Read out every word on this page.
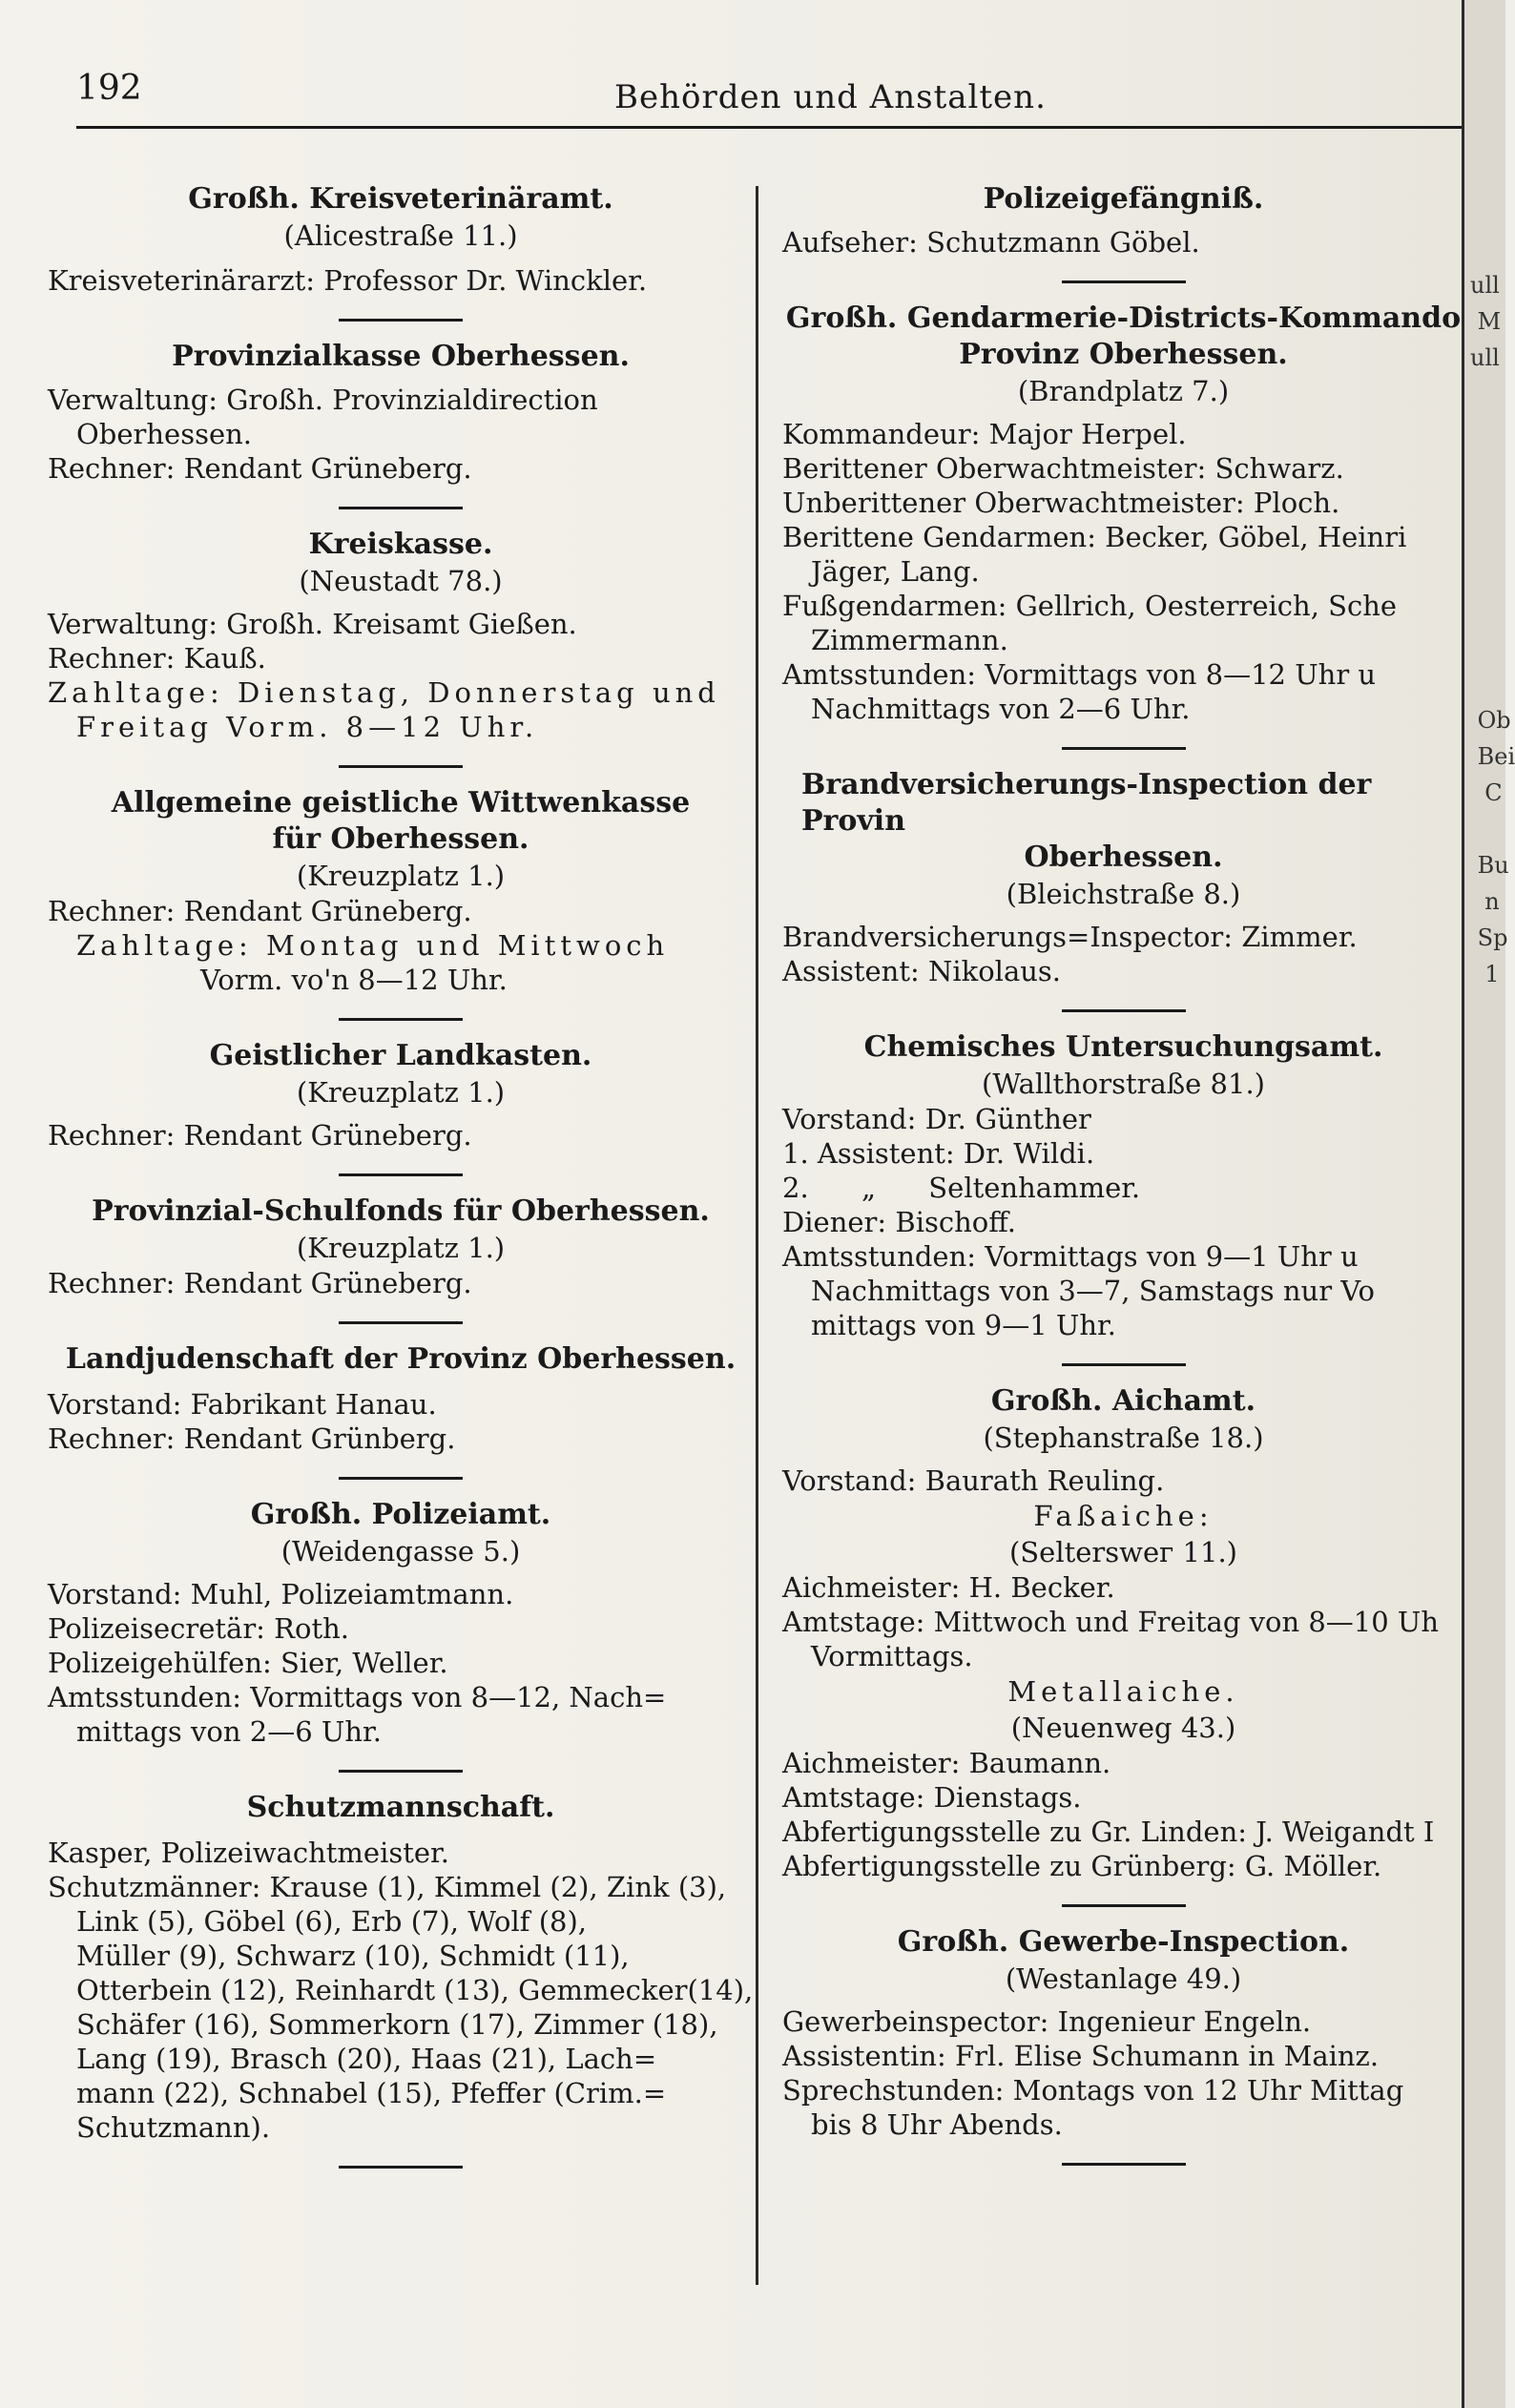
192	Behörden und Anstalten.
Großh. Kreisveterinäramt.
(Alicestraße 11.)
Kreisveterinärarzt: Professor Dr. Winckler.
Provinzialkasse Oberhessen.
Verwaltung: Großh. Provinzialdirection
Oberhessen.
Rechner: Rendant Grüneberg.
Kreiskasse.
(Neustadt 78.)
Verwaltung: Großh. Kreisamt Gießen.
Rechner: Kauß.
Zahltage: Dienstag, Donnerstag und
Freitag Vorm. 8—12 Uhr.
Allgemeine geistliche Wittwenkasse
für Oberhessen.
(Kreuzplatz 1.)
Rechner: Rendant Grüneberg.
Zahltage: Montag und Mittwoch
Vorm. vo'n 8—12 Uhr.
Geistlicher Landkasten.
(Kreuzplatz 1.)
Rechner: Rendant Grüneberg.
Provinzial-Schulfonds für Oberhessen.
(Kreuzplatz 1.)
Rechner: Rendant Grüneberg.
Landjudenschaft der Provinz Oberhessen.
Vorstand: Fabrikant Hanau.
Rechner: Rendant Grünberg.
Großh. Polizeiamt.
(Weidengasse 5.)
Vorstand: Muhl, Polizeiamtmann.
Polizeisecretär: Roth.
Polizeigehülfen: Sier, Weller.
Amtsstunden: Vormittags von 8—12, Nach=
mittags von 2—6 Uhr.
Schutzmannschaft.
Kasper, Polizeiwachtmeister.
Schutzmänner: Krause (1), Kimmel (2), Zink (3),
Link (5), Göbel (6), Erb (7), Wolf (8),
Müller (9), Schwarz (10), Schmidt (11),
Otterbein (12), Reinhardt (13), Gemmecker(14),
Schäfer (16), Sommerkorn (17), Zimmer (18),
Lang (19), Brasch (20), Haas (21), Lach=
mann (22), Schnabel (15), Pfeffer (Crim.=
Schutzmann).
Polizeigefängniß.
Aufseher: Schutzmann Göbel.
Großh. Gendarmerie-Districts-Kommando
Provinz Oberhessen.
(Brandplatz 7.)
Kommandeur: Major Herpel.
Berittener Oberwachtmeister: Schwarz.
Unberittener Oberwachtmeister: Ploch.
Berittene Gendarmen: Becker, Göbel, Heinri
Jäger, Lang.
Fußgendarmen: Gellrich, Oesterreich, Sche
Zimmermann.
Amtsstunden: Vormittags von 8—12 Uhr u
Nachmittags von 2—6 Uhr.
Brandversicherungs-Inspection der Provin
Oberhessen.
(Bleichstraße 8.)
Brandversicherungs=Inspector: Zimmer.
Assistent: Nikolaus.
Chemisches Untersuchungsamt.
(Wallthorstraße 81.)
Vorstand: Dr. Günther
1. Assistent: Dr. Wildi.
2.      „      Seltenhammer.
Diener: Bischoff.
Amtsstunden: Vormittags von 9—1 Uhr u
Nachmittags von 3—7, Samstags nur Vo
mittags von 9—1 Uhr.
Großh. Aichamt.
(Stephanstraße 18.)
Vorstand: Baurath Reuling.
Faßaiche:
(Selterswег 11.)
Aichmeister: H. Becker.
Amtstage: Mittwoch und Freitag von 8—10 Uh
Vormittags.
Metallaiche.
(Neuenweg 43.)
Aichmeister: Baumann.
Amtstage: Dienstags.
Abfertigungsstelle zu Gr. Linden: J. Weigandt I
Abfertigungsstelle zu Grünberg: G. Möller.
Großh. Gewerbe-Inspection.
(Westanlage 49.)
Gewerbeinspector: Ingenieur Engeln.
Assistentin: Frl. Elise Schumann in Mainz.
Sprechstunden: Montags von 12 Uhr Mittag
bis 8 Uhr Abends.
ull
M
ull

Ob
Bei
C

Bu
n
Sp
1
